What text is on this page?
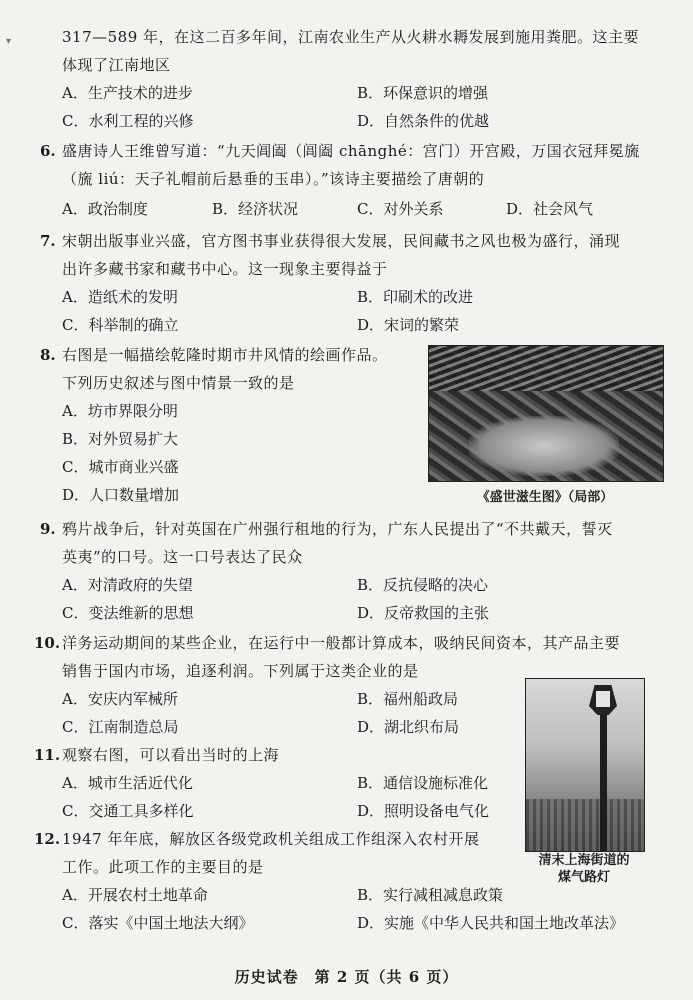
▾	317—589 年，在这二百多年间，江南农业生产从火耕水耨发展到施用粪肥。这主要
体现了江南地区
A．生产技术的进步	B．环保意识的增强
C．水利工程的兴修	D．自然条件的优越
6. 盛唐诗人王维曾写道：“九天阊阖（阊阖 chānghé：宫门）开宫殿，万国衣冠拜冕旒
（旒 liú：天子礼帽前后悬垂的玉串）。”该诗主要描绘了唐朝的
A．政治制度	B．经济状况	C．对外关系	D．社会风气
7. 宋朝出版事业兴盛，官方图书事业获得很大发展，民间藏书之风也极为盛行，涌现
出许多藏书家和藏书中心。这一现象主要得益于
A．造纸术的发明	B．印刷术的改进
C．科举制的确立	D．宋词的繁荣
8. 右图是一幅描绘乾隆时期市井风情的绘画作品。
下列历史叙述与图中情景一致的是
A．坊市界限分明
B．对外贸易扩大
C．城市商业兴盛
D．人口数量增加	《盛世滋生图》（局部）
9. 鸦片战争后，针对英国在广州强行租地的行为，广东人民提出了“不共戴天，誓灭
英夷”的口号。这一口号表达了民众
A．对清政府的失望	B．反抗侵略的决心
C．变法维新的思想	D．反帝救国的主张
10. 洋务运动期间的某些企业，在运行中一般都计算成本，吸纳民间资本，其产品主要
销售于国内市场，追逐利润。下列属于这类企业的是
A．安庆内军械所	B．福州船政局
C．江南制造总局	D．湖北织布局
清末上海街道的
煤气路灯
11. 观察右图，可以看出当时的上海
A．城市生活近代化	B．通信设施标准化
C．交通工具多样化	D．照明设备电气化
12. 1947 年年底，解放区各级党政机关组成工作组深入农村开展
工作。此项工作的主要目的是
A．开展农村土地革命	B．实行减租减息政策
C．落实《中国土地法大纲》	D．实施《中华人民共和国土地改革法》
历史试卷　第 2 页（共 6 页）
